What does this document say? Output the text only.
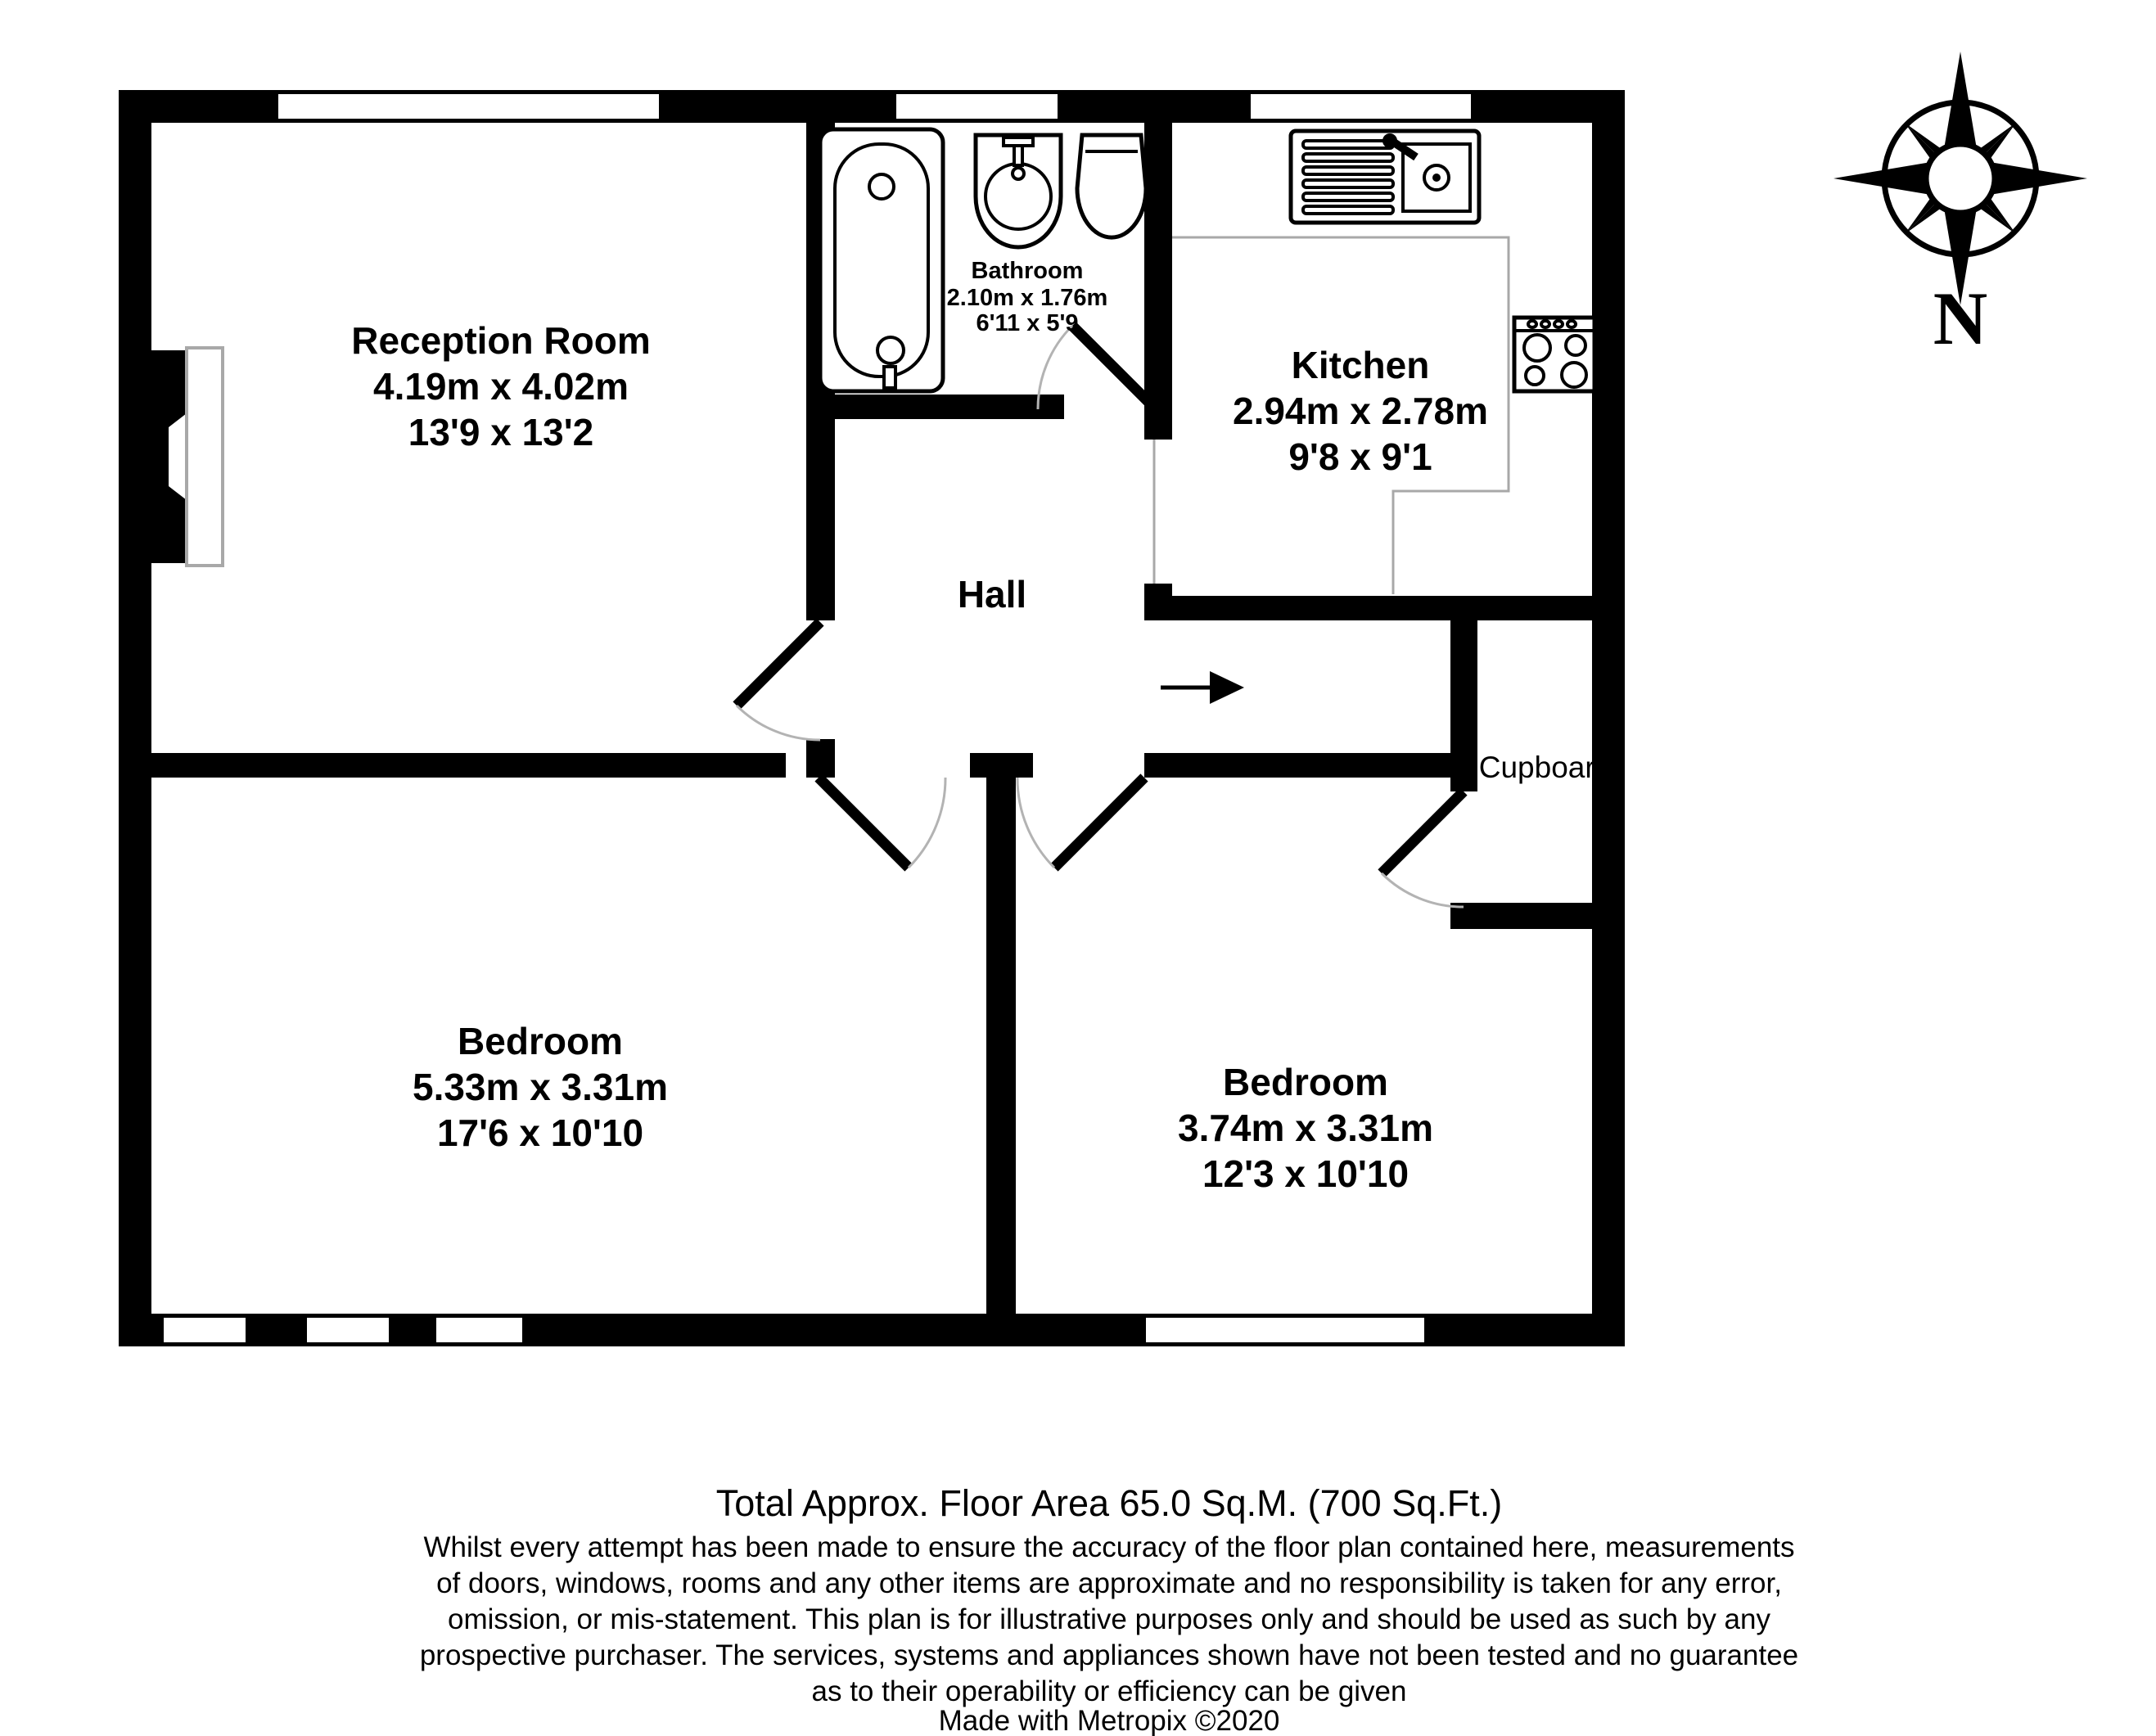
N
Reception Room
4.19m x 4.02m
13'9 x 13'2
Bathroom
2.10m x 1.76m
6'11 x 5'9
Kitchen
2.94m x 2.78m
9'8 x 9'1
Hall
Cupboard
Bedroom
5.33m x 3.31m
17'6 x 10'10
Bedroom
3.74m x 3.31m
12'3 x 10'10
Total Approx. Floor Area 65.0 Sq.M. (700 Sq.Ft.)
Whilst every attempt has been made to ensure the accuracy of the floor plan contained here, measurements
of doors, windows, rooms and any other items are approximate and no responsibility is taken for any error,
omission, or mis-statement. This plan is for illustrative purposes only and should be used as such by any
prospective purchaser. The services, systems and appliances shown have not been tested and no guarantee
as to their operability or efficiency can be given
Made with Metropix ©2020
